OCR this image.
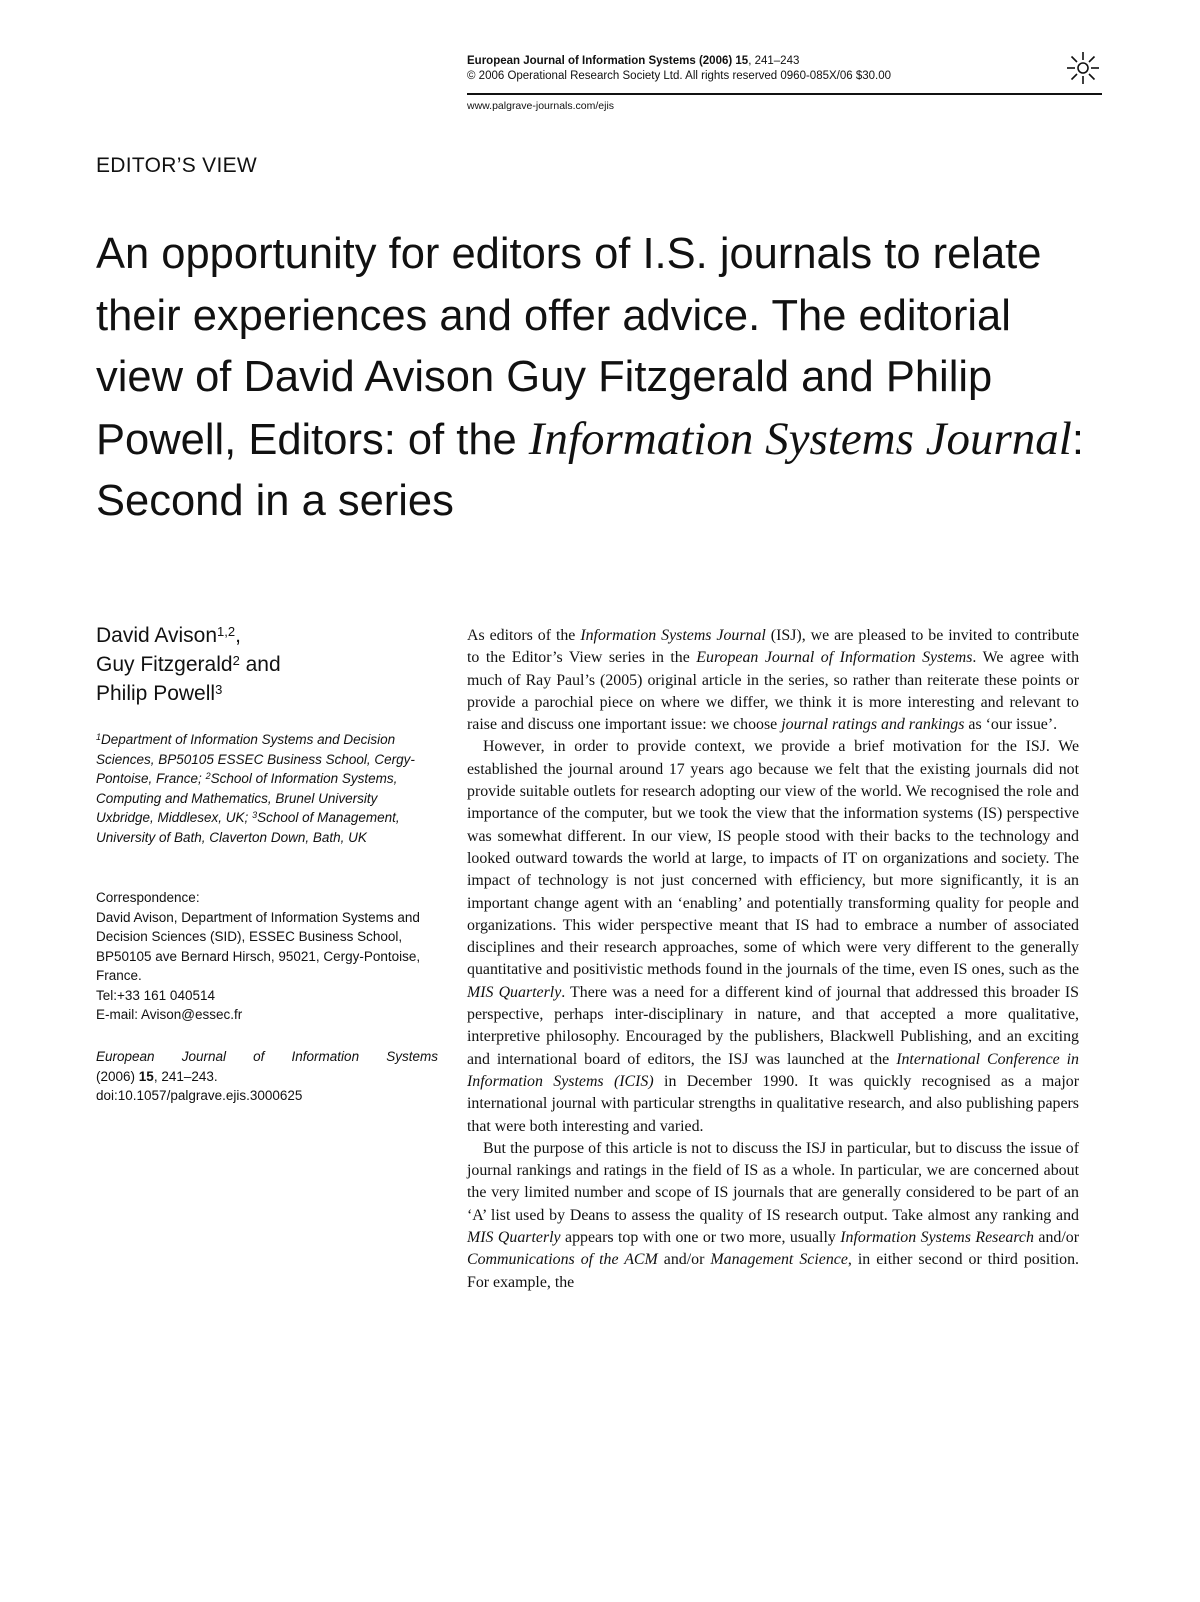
European Journal of Information Systems (2006) 15, 241–243
© 2006 Operational Research Society Ltd. All rights reserved 0960-085X/06 $30.00
www.palgrave-journals.com/ejis
EDITOR’S VIEW
An opportunity for editors of I.S. journals to relate their experiences and offer advice. The editorial view of David Avison Guy Fitzgerald and Philip Powell, Editors: of the Information Systems Journal: Second in a series
David Avison$^{1,2}$,
Guy Fitzgerald$^2$ and
Philip Powell$^3$
$^1$Department of Information Systems and Decision Sciences, BP50105 ESSEC Business School, Cergy-Pontoise, France; $^2$School of Information Systems, Computing and Mathematics, Brunel University Uxbridge, Middlesex, UK; $^3$School of Management, University of Bath, Claverton Down, Bath, UK
Correspondence:
David Avison, Department of Information Systems and Decision Sciences (SID), ESSEC Business School, BP50105 ave Bernard Hirsch, 95021, Cergy-Pontoise, France.
Tel:+33 161 040514
E-mail: Avison@essec.fr
European Journal of Information Systems
(2006) 15, 241–243.
doi:10.1057/palgrave.ejis.3000625

As editors of the Information Systems Journal (ISJ), we are pleased to be invited to contribute to the Editor’s View series in the European Journal of Information Systems. We agree with much of Ray Paul’s (2005) original article in the series, so rather than reiterate these points or provide a parochial piece on where we differ, we think it is more interesting and relevant to raise and discuss one important issue: we choose journal ratings and rankings as ‘our issue’.

However, in order to provide context, we provide a brief motivation for the ISJ. We established the journal around 17 years ago because we felt that the existing journals did not provide suitable outlets for research adopting our view of the world. We recognised the role and importance of the computer, but we took the view that the information systems (IS) perspective was somewhat different. In our view, IS people stood with their backs to the technology and looked outward towards the world at large, to impacts of IT on organizations and society. The impact of technology is not just concerned with efficiency, but more significantly, it is an important change agent with an ‘enabling’ and potentially transforming quality for people and organizations. This wider perspective meant that IS had to embrace a number of associated disciplines and their research approaches, some of which were very different to the generally quantitative and positivistic methods found in the journals of the time, even IS ones, such as the MIS Quarterly. There was a need for a different kind of journal that addressed this broader IS perspective, perhaps inter-disciplinary in nature, and that accepted a more qualitative, interpretive philosophy. Encouraged by the publishers, Blackwell Publishing, and an exciting and international board of editors, the ISJ was launched at the International Conference in Information Systems (ICIS) in December 1990. It was quickly recognised as a major international journal with particular strengths in qualitative research, and also publishing papers that were both interesting and varied.

But the purpose of this article is not to discuss the ISJ in particular, but to discuss the issue of journal rankings and ratings in the field of IS as a whole. In particular, we are concerned about the very limited number and scope of IS journals that are generally considered to be part of an ‘A’ list used by Deans to assess the quality of IS research output. Take almost any ranking and MIS Quarterly appears top with one or two more, usually Information Systems Research and/or Communications of the ACM and/or Management Science, in either second or third position. For example, the
